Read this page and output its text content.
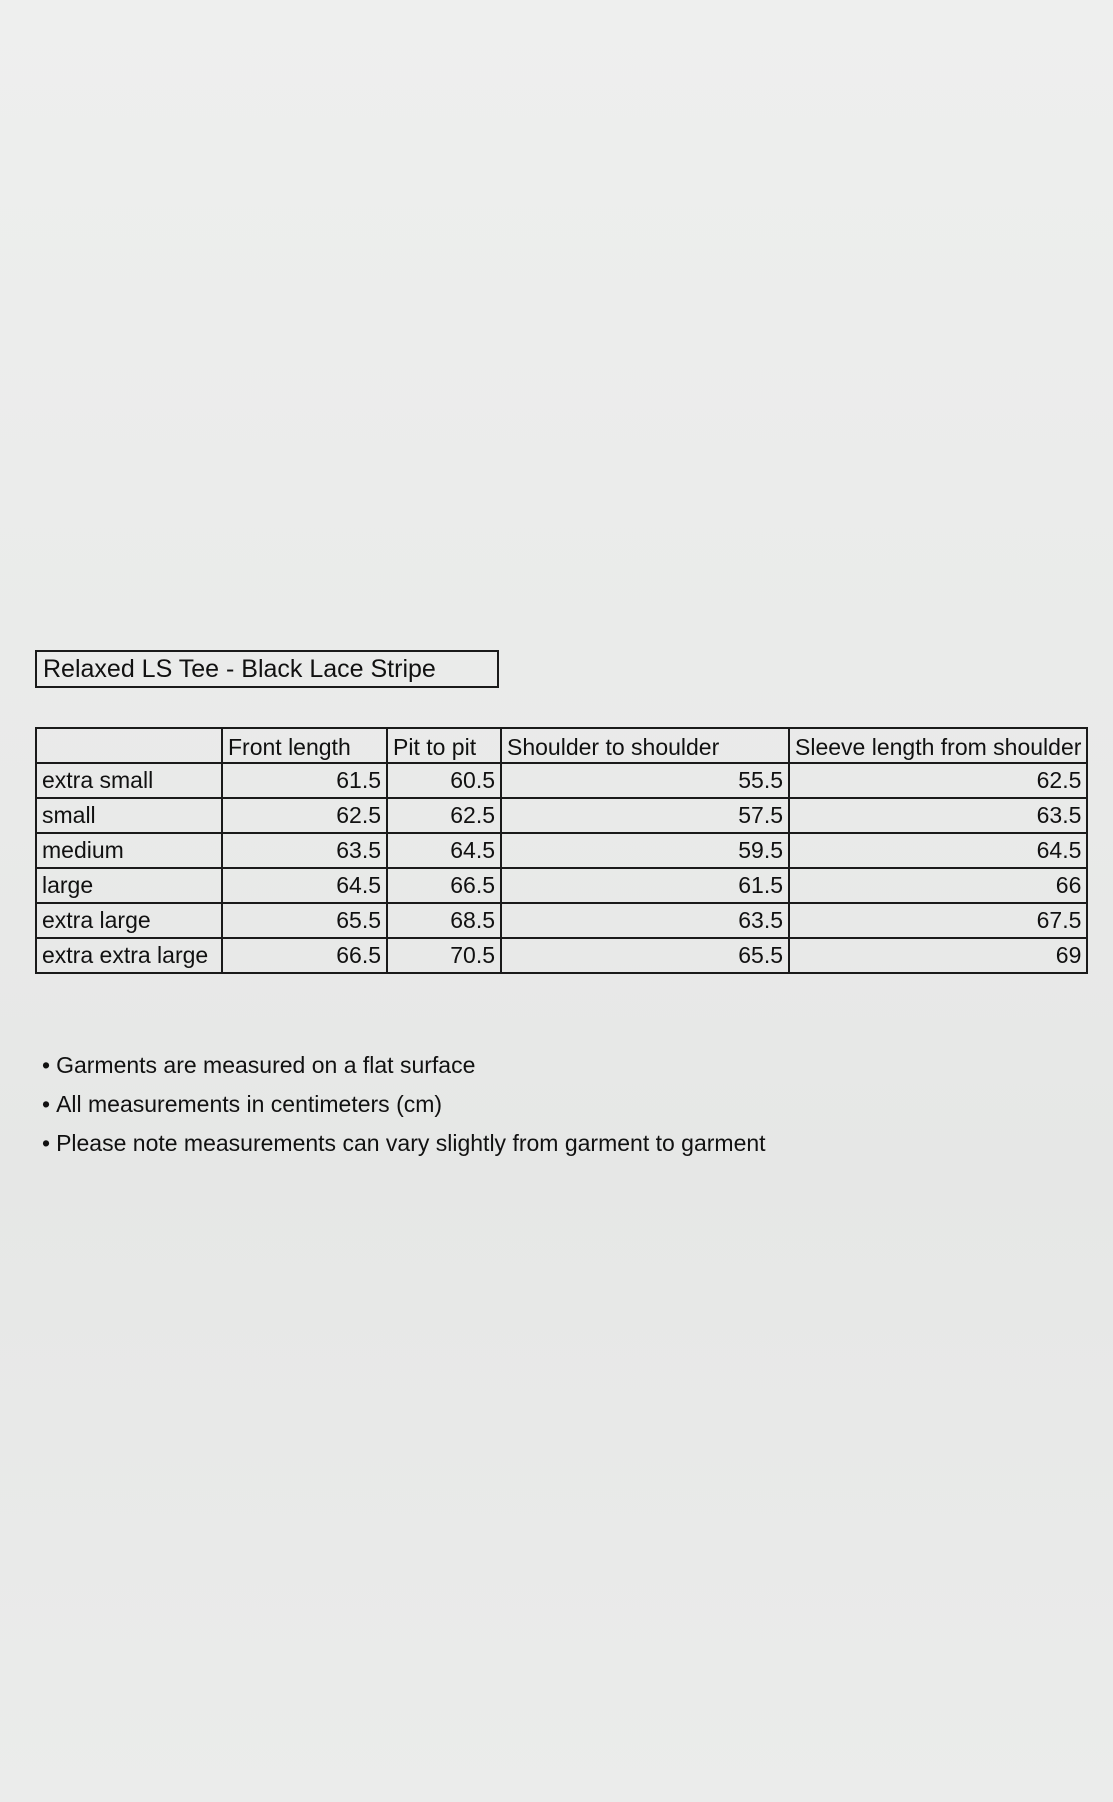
Relaxed LS Tee - Black Lace Stripe
	Front length	Pit to pit	Shoulder to shoulder	Sleeve length from shoulder
extra small	61.5	60.5	55.5	62.5
small	62.5	62.5	57.5	63.5
medium	63.5	64.5	59.5	64.5
large	64.5	66.5	61.5	66
extra large	65.5	68.5	63.5	67.5
extra extra large	66.5	70.5	65.5	69
• Garments are measured on a flat surface
• All measurements in centimeters (cm)
• Please note measurements can vary slightly from garment to garment
